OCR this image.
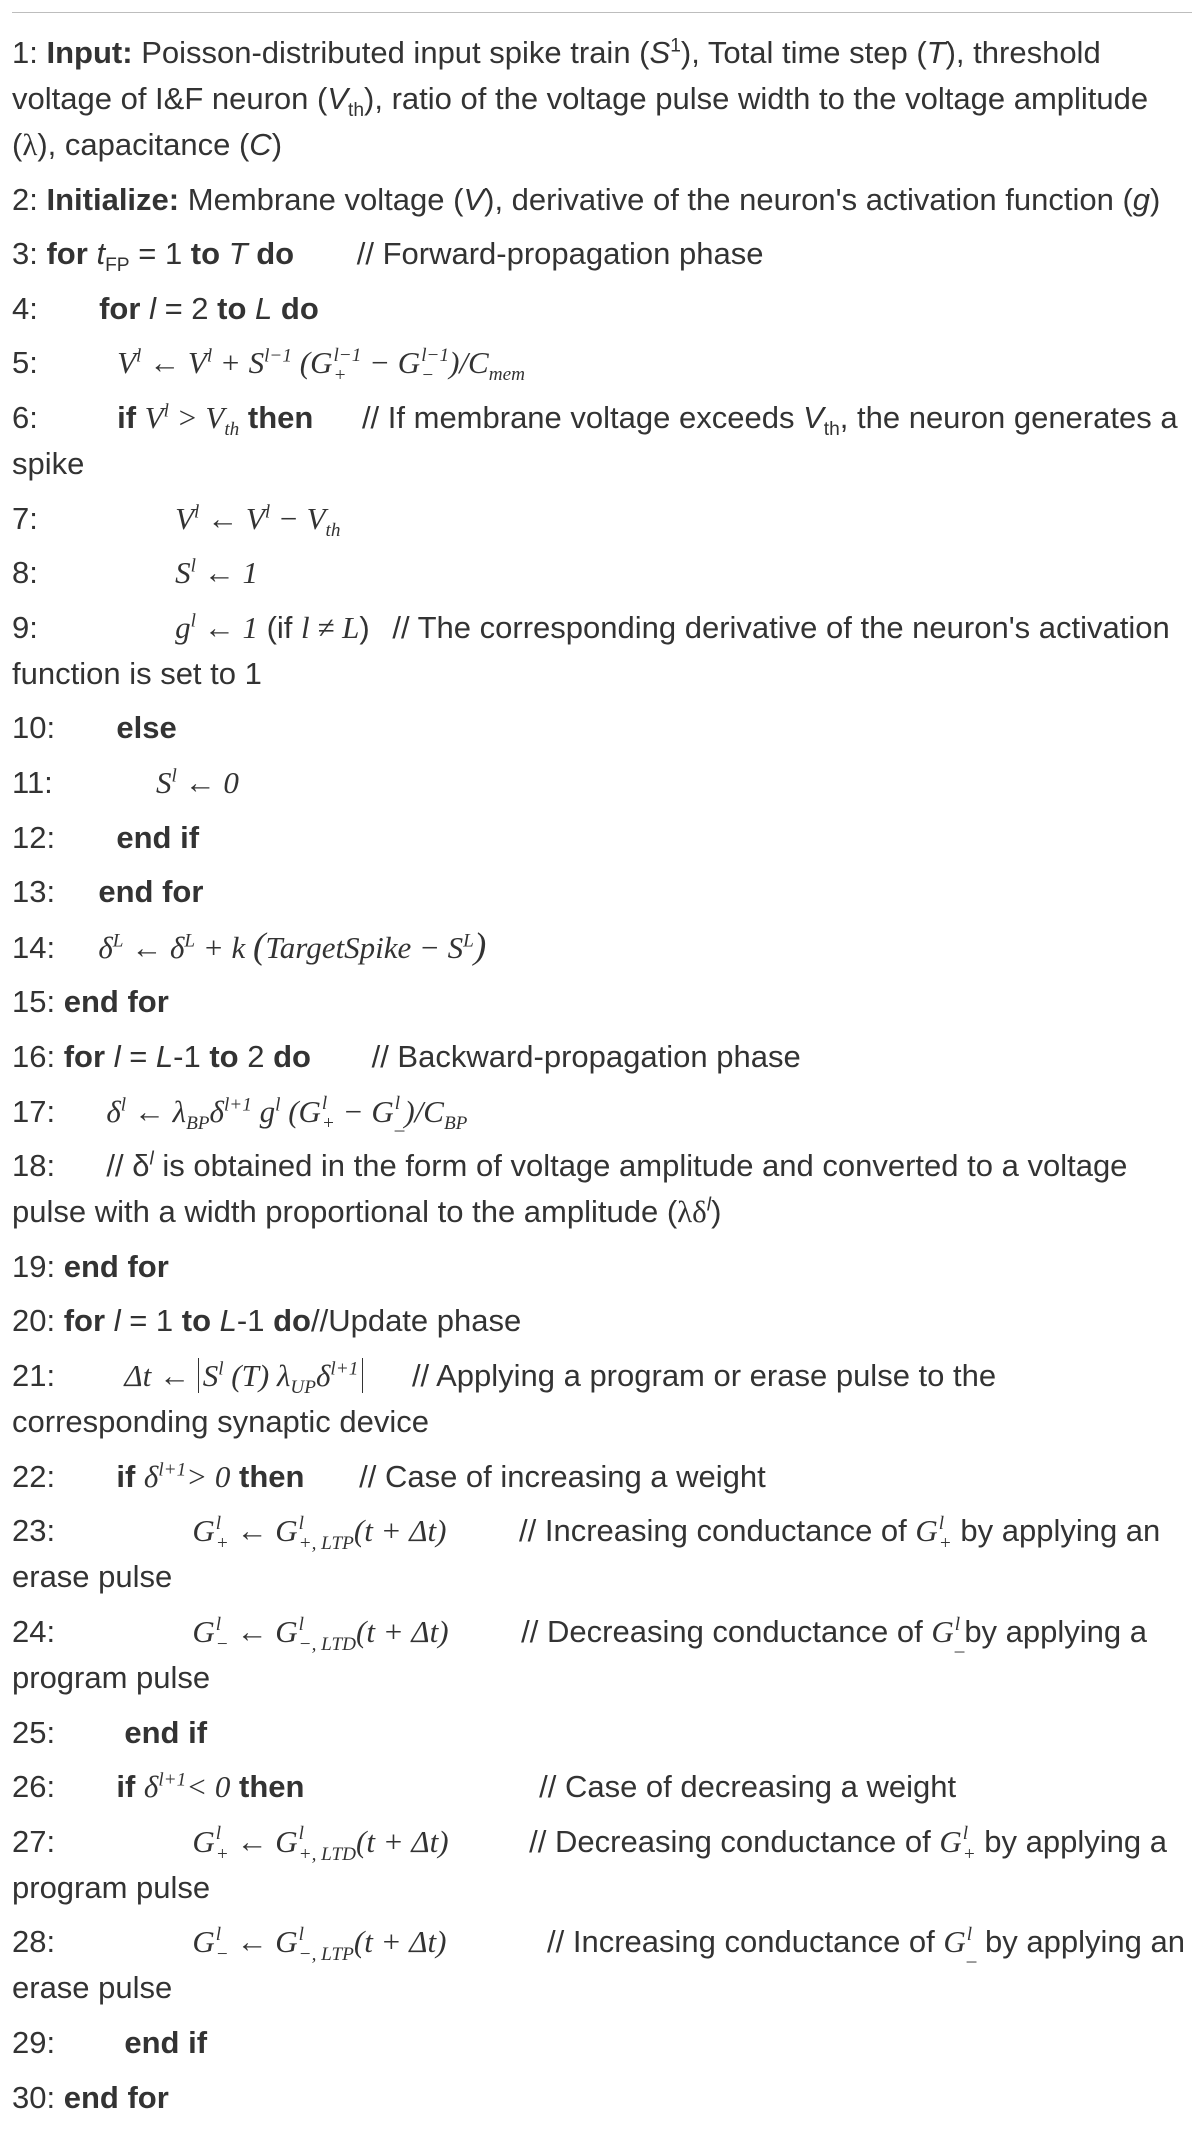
1: Input: Poisson-distributed input spike train $(S^1)$, Total time step (T), threshold voltage of I&F neuron $(V_{th})$, ratio of the voltage pulse width to the voltage amplitude (λ), capacitance (C)
2: Initialize: Membrane voltage (V), derivative of the neuron's activation function (g)
3: for $t_{FP} = 1$ to T do // Forward-propagation phase
4: for l = 2 to L do
5:	$V^l$ ← $V^l + S^{l-1}$ (G l−1
+ − G l−1
− )$/C_{mem}$
6:	if $V^l > V_{th}$ then // If membrane voltage exceeds $V_{th}$, the neuron generates a spike
7:	$V^l$ ← $V^l - V_{th}$
8:	$S^l$ ← 1
9:	$g^l$ ← 1 (if l ≠ L) // The corresponding derivative of the neuron's activation function is set to 1
10: else
11:	$S^l$ ← 0
12: end if
13: end for
14: $\delta^L$ ← $\delta^L + k$ (TargetSpike − $S^L$)
15: end for
16: for l = L-1 to 2 do // Backward-propagation phase
17: $\delta^l$ ← $\lambda_{BP}\delta^{l+1}$ $g^l$ (G l
+ − G l
_ )$/C_{BP}$
18: // $\delta^l$ is obtained in the form of voltage amplitude and converted to a voltage pulse with a width proportional to the amplitude $(\lambda\delta^l)$
19: end for
20: for l = 1 to L-1 do//Update phase
21: Δt ← $S^l$ (T) $\lambda_{UP}\delta^{l+1}$ // Applying a program or erase pulse to the corresponding synaptic device
22: if $\delta^{l+1}> 0$ then // Case of increasing a weight
23:	G l
+ ← G l
+, LTP (t + Δt) // Increasing conductance of G l
+ by applying an erase pulse
24:	G l
− ← G l
−, LTD (t + Δt) // Decreasing conductance of G l
_ by applying a program pulse
25: end if
26: if $\delta^{l+1}< 0$ then	// Case of decreasing a weight
27:	G l
+ ← G l
+, LTD (t + Δt)	// Decreasing conductance of G l
+ by applying a program pulse
28:	G l
− ← G l
−, LTP (t + Δt)	// Increasing conductance of G l
_ by applying an erase pulse
29: end if
30: end for
